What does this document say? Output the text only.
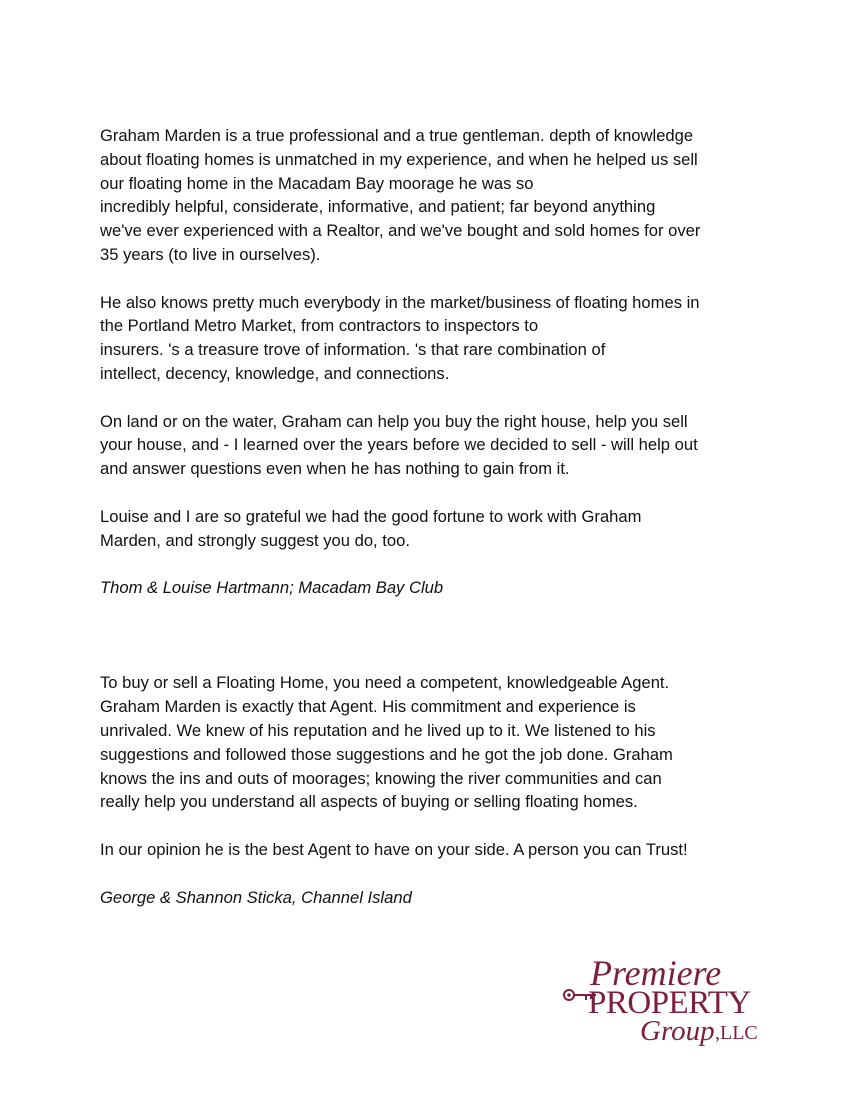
Graham Marden is a true professional and a true gentleman. depth of knowledge
about floating homes is unmatched in my experience, and when he helped us sell
our floating home in the Macadam Bay moorage he was so
incredibly helpful, considerate, informative, and patient; far beyond anything
we've ever experienced with a Realtor, and we've bought and sold homes for over
35 years (to live in ourselves).
He also knows pretty much everybody in the market/business of floating homes in
the Portland Metro Market, from contractors to inspectors to
insurers. 's a treasure trove of information. 's that rare combination of
intellect, decency, knowledge, and connections.
On land or on the water, Graham can help you buy the right house, help you sell
your house, and - I learned over the years before we decided to sell - will help out
and answer questions even when he has nothing to gain from it.
Louise and I are so grateful we had the good fortune to work with Graham
Marden, and strongly suggest you do, too.
Thom & Louise Hartmann; Macadam Bay Club
To buy or sell a Floating Home, you need a competent, knowledgeable Agent.
Graham Marden is exactly that Agent. His commitment and experience is
unrivaled. We knew of his reputation and he lived up to it. We listened to his
suggestions and followed those suggestions and he got the job done. Graham
knows the ins and outs of moorages; knowing the river communities and can
really help you understand all aspects of buying or selling floating homes.
In our opinion he is the best Agent to have on your side. A person you can Trust!
George & Shannon Sticka, Channel Island
Premiere
PROPERTY
Group ,LLC
